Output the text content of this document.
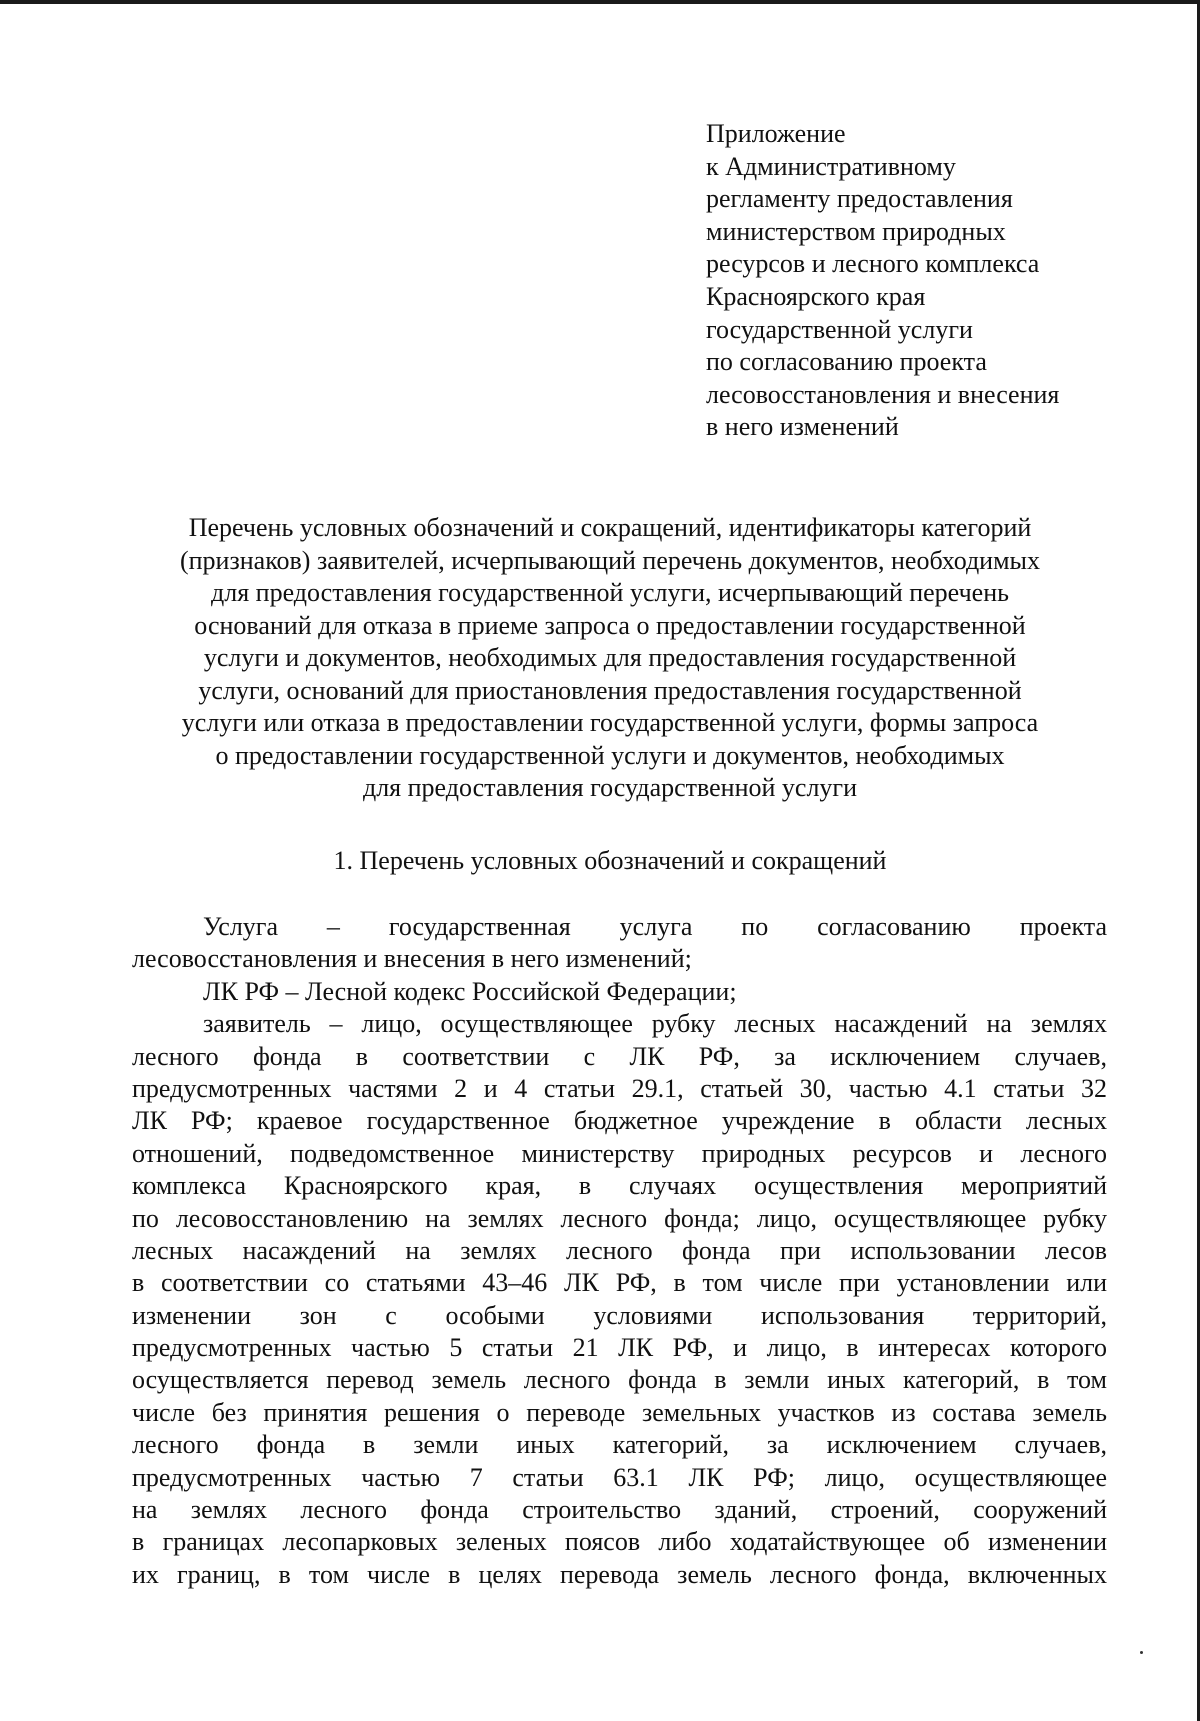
Приложение
к Административному
регламенту предоставления
министерством природных
ресурсов и лесного комплекса
Красноярского края
государственной услуги
по согласованию проекта
лесовосстановления и внесения
в него изменений
Перечень условных обозначений и сокращений, идентификаторы категорий
(признаков) заявителей, исчерпывающий перечень документов, необходимых
для предоставления государственной услуги, исчерпывающий перечень
оснований для отказа в приеме запроса о предоставлении государственной
услуги и документов, необходимых для предоставления государственной
услуги, оснований для приостановления предоставления государственной
услуги или отказа в предоставлении государственной услуги, формы запроса
о предоставлении государственной услуги и документов, необходимых
для предоставления государственной услуги
1. Перечень условных обозначений и сокращений
Услуга – государственная услуга по согласованию проекта
лесовосстановления и внесения в него изменений;
ЛК РФ – Лесной кодекс Российской Федерации;
заявитель – лицо, осуществляющее рубку лесных насаждений на землях
лесного фонда в соответствии с ЛК РФ, за исключением случаев,
предусмотренных частями 2 и 4 статьи 29.1, статьей 30, частью 4.1 статьи 32
ЛК РФ; краевое государственное бюджетное учреждение в области лесных
отношений, подведомственное министерству природных ресурсов и лесного
комплекса Красноярского края, в случаях осуществления мероприятий
по лесовосстановлению на землях лесного фонда; лицо, осуществляющее рубку
лесных насаждений на землях лесного фонда при использовании лесов
в соответствии со статьями 43–46 ЛК РФ, в том числе при установлении или
изменении зон с особыми условиями использования территорий,
предусмотренных частью 5 статьи 21 ЛК РФ, и лицо, в интересах которого
осуществляется перевод земель лесного фонда в земли иных категорий, в том
числе без принятия решения о переводе земельных участков из состава земель
лесного фонда в земли иных категорий, за исключением случаев,
предусмотренных частью 7 статьи 63.1 ЛК РФ; лицо, осуществляющее
на землях лесного фонда строительство зданий, строений, сооружений
в границах лесопарковых зеленых поясов либо ходатайствующее об изменении
их границ, в том числе в целях перевода земель лесного фонда, включенных
